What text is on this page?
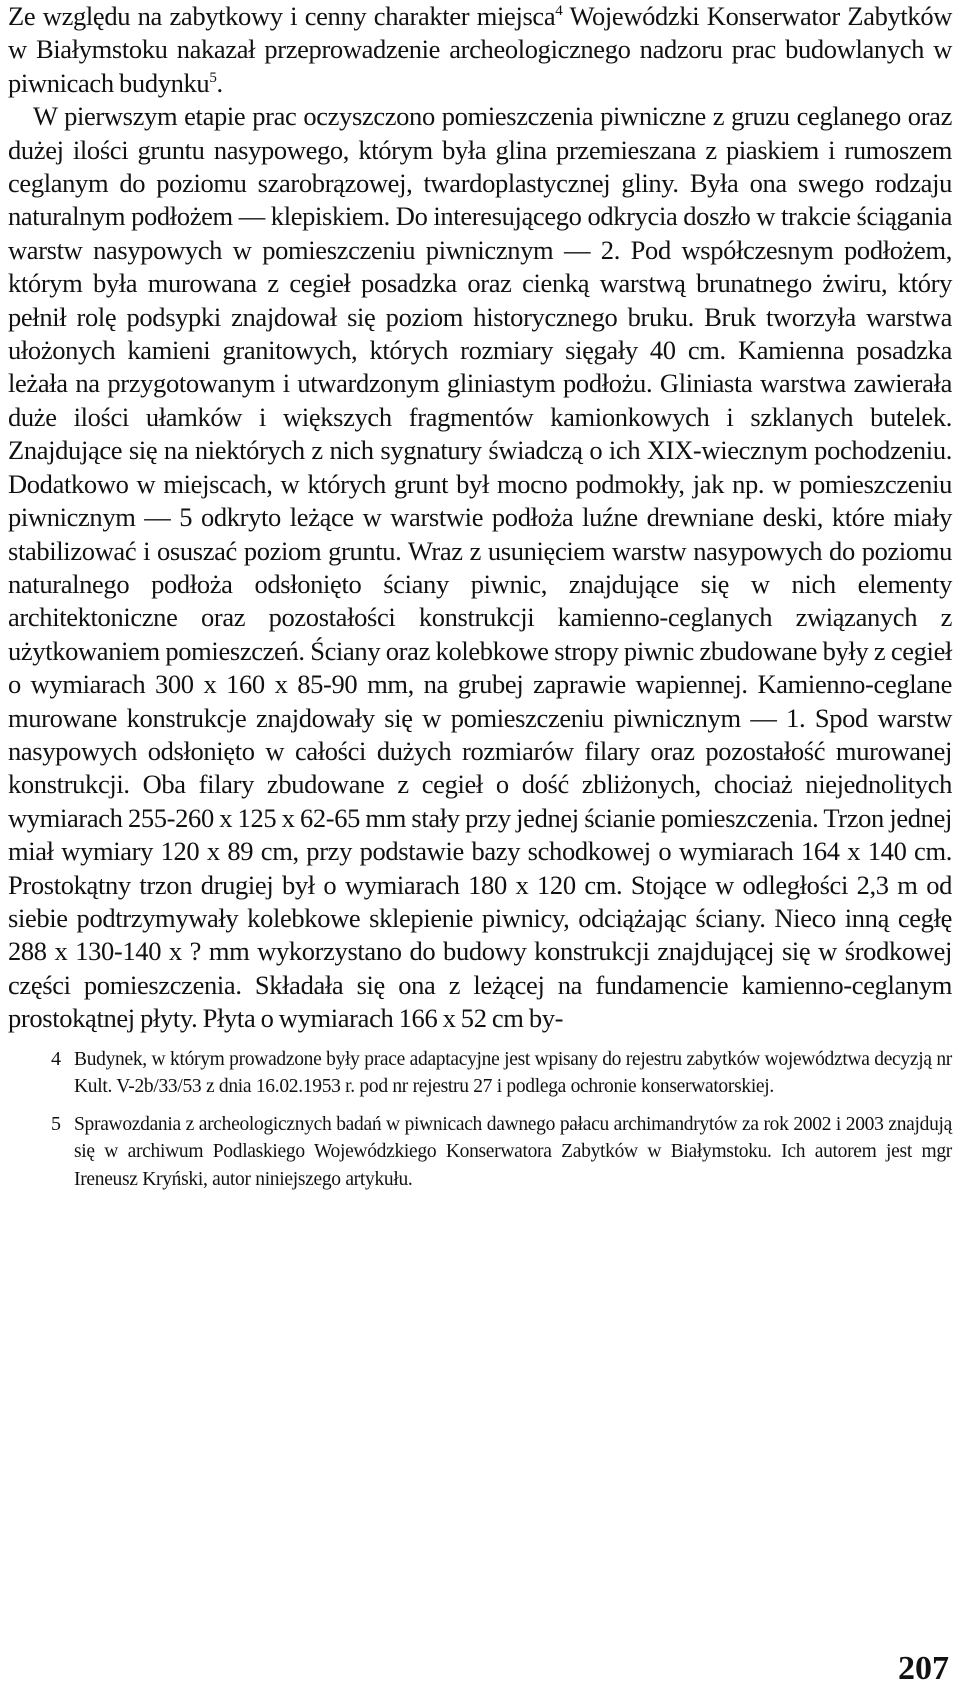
Ze względu na zabytkowy i cenny charakter miejsca$^4$ Wojewódzki Konserwator Zabytków w Białymstoku nakazał przeprowadzenie archeologicznego nadzoru prac budowlanych w piwnicach budynku$^5$.

W pierwszym etapie prac oczyszczono pomieszczenia piwniczne z gruzu ceglanego oraz dużej ilości gruntu nasypowego, którym była glina przemieszana z piaskiem i rumoszem ceglanym do poziomu szarobrązowej, twardoplastycznej gliny. Była ona swego rodzaju naturalnym podłożem — klepiskiem. Do interesującego odkrycia doszło w trakcie ściągania warstw nasypowych w pomieszczeniu piwnicznym — 2. Pod współczesnym podłożem, którym była murowana z cegieł posadzka oraz cienką warstwą brunatnego żwiru, który pełnił rolę podsypki znajdował się poziom historycznego bruku. Bruk tworzyła warstwa ułożonych kamieni granitowych, których rozmiary sięgały 40 cm. Kamienna posadzka leżała na przygotowanym i utwardzonym gliniastym podłożu. Gliniasta warstwa zawierała duże ilości ułamków i większych fragmentów kamionkowych i szklanych butelek. Znajdujące się na niektórych z nich sygnatury świadczą o ich XIX-wiecznym pochodzeniu. Dodatkowo w miejscach, w których grunt był mocno podmokły, jak np. w pomieszczeniu piwnicznym — 5 odkryto leżące w warstwie podłoża luźne drewniane deski, które miały stabilizować i osuszać poziom gruntu. Wraz z usunięciem warstw nasypowych do poziomu naturalnego podłoża odsłonięto ściany piwnic, znajdujące się w nich elementy architektoniczne oraz pozostałości konstrukcji kamienno-ceglanych związanych z użytkowaniem pomieszczeń. Ściany oraz kolebkowe stropy piwnic zbudowane były z cegieł o wymiarach 300 x 160 x 85-90 mm, na grubej zaprawie wapiennej. Kamienno-ceglane murowane konstrukcje znajdowały się w pomieszczeniu piwnicznym — 1. Spod warstw nasypowych odsłonięto w całości dużych rozmiarów filary oraz pozostałość murowanej konstrukcji. Oba filary zbudowane z cegieł o dość zbliżonych, chociaż niejednolitych wymiarach 255-260 x 125 x 62-65 mm stały przy jednej ścianie pomieszczenia. Trzon jednej miał wymiary 120 x 89 cm, przy podstawie bazy schodkowej o wymiarach 164 x 140 cm. Prostokątny trzon drugiej był o wymiarach 180 x 120 cm. Stojące w odległości 2,3 m od siebie podtrzymywały kolebkowe sklepienie piwnicy, odciążając ściany. Nieco inną cegłę 288 x 130-140 x ? mm wykorzystano do budowy konstrukcji znajdującej się w środkowej części pomieszczenia. Składała się ona z leżącej na fundamencie kamienno-ceglanym prostokątnej płyty. Płyta o wymiarach 166 x 52 cm by-

4 Budynek, w którym prowadzone były prace adaptacyjne jest wpisany do rejestru zabytków województwa decyzją nr Kult. V-2b/33/53 z dnia 16.02.1953 r. pod nr rejestru 27 i podlega ochronie konserwatorskiej.
5 Sprawozdania z archeologicznych badań w piwnicach dawnego pałacu archimandrytów za rok 2002 i 2003 znajdują się w archiwum Podlaskiego Wojewódzkiego Konserwatora Zabytków w Białymstoku. Ich autorem jest mgr Ireneusz Kryński, autor niniejszego artykułu.
207
